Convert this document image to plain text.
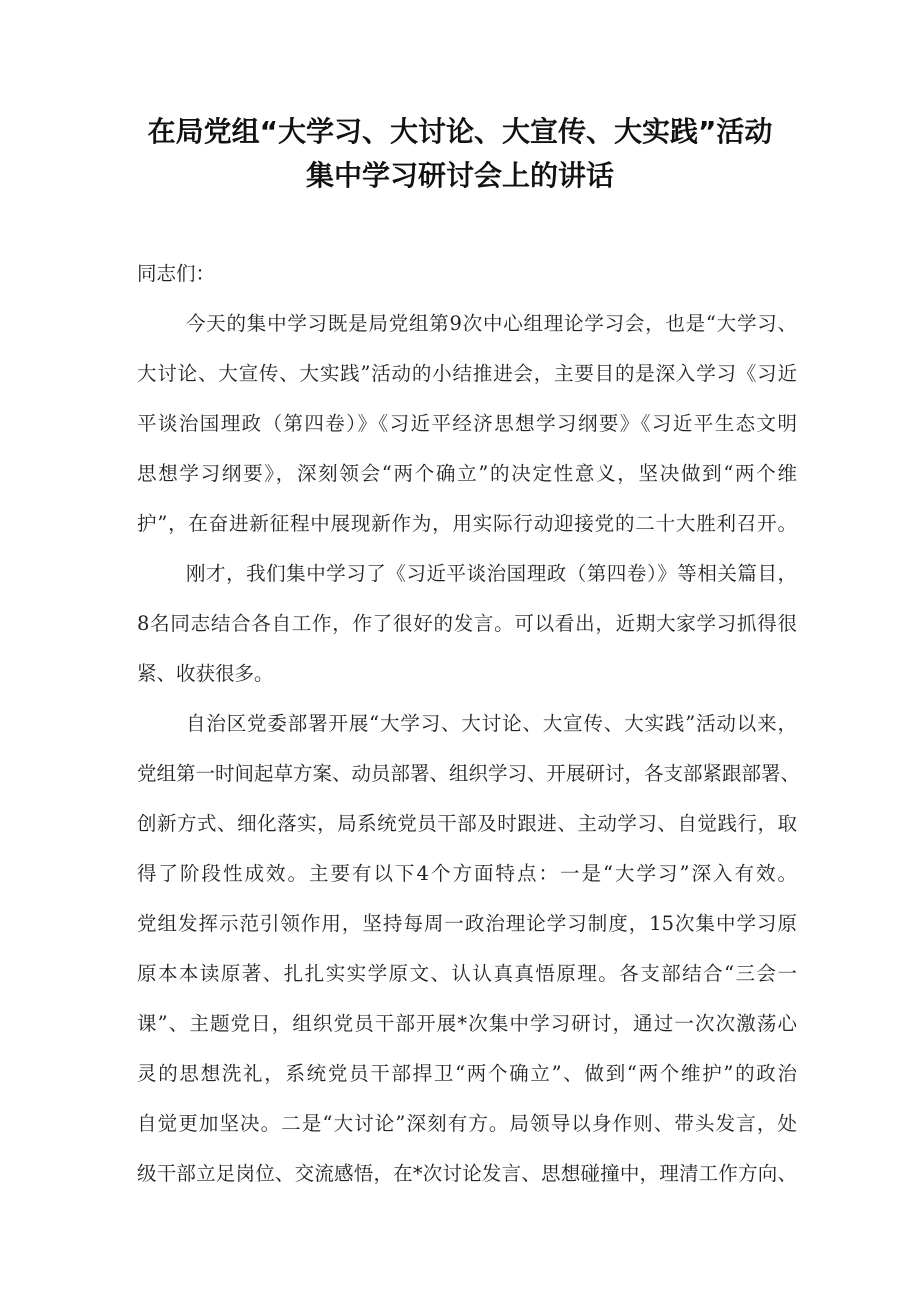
在局党组“大学习、大讨论、大宣传、大实践”活动
集中学习研讨会上的讲话
同志们：
今天的集中学习既是局党组第9次中心组理论学习会，也是“大学习、
大讨论、大宣传、大实践”活动的小结推进会，主要目的是深入学习《习近
平谈治国理政（第四卷）》《习近平经济思想学习纲要》《习近平生态文明
思想学习纲要》，深刻领会“两个确立”的决定性意义，坚决做到“两个维
护”，在奋进新征程中展现新作为，用实际行动迎接党的二十大胜利召开。
刚才，我们集中学习了《习近平谈治国理政（第四卷）》等相关篇目，
8名同志结合各自工作，作了很好的发言。可以看出，近期大家学习抓得很
紧、收获很多。
自治区党委部署开展“大学习、大讨论、大宣传、大实践”活动以来，
党组第一时间起草方案、动员部署、组织学习、开展研讨，各支部紧跟部署、
创新方式、细化落实，局系统党员干部及时跟进、主动学习、自觉践行，取
得了阶段性成效。主要有以下4个方面特点：一是“大学习”深入有效。
党组发挥示范引领作用，坚持每周一政治理论学习制度，15次集中学习原
原本本读原著、扎扎实实学原文、认认真真悟原理。各支部结合“三会一
课”、主题党日，组织党员干部开展*次集中学习研讨，通过一次次激荡心
灵的思想洗礼，系统党员干部捍卫“两个确立”、做到“两个维护”的政治
自觉更加坚决。二是“大讨论”深刻有方。局领导以身作则、带头发言，处
级干部立足岗位、交流感悟，在*次讨论发言、思想碰撞中，理清工作方向、
